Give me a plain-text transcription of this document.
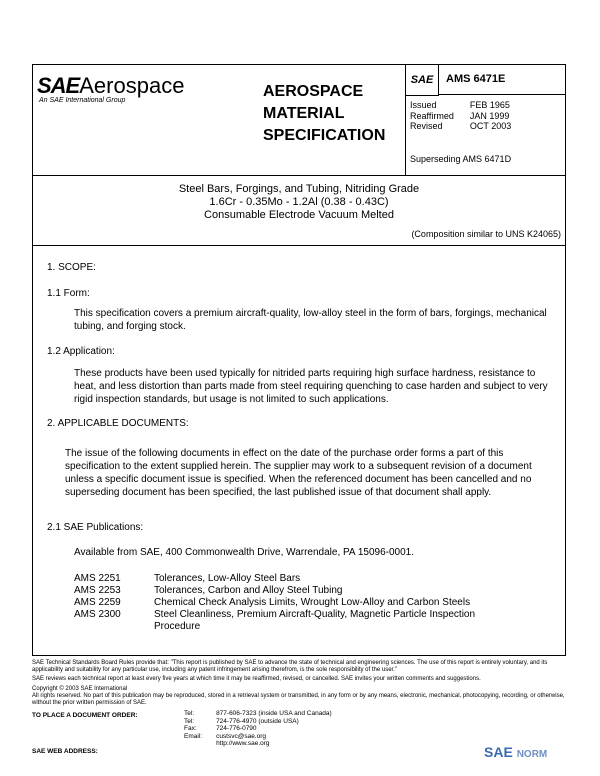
SAEAerospace
An SAE International Group
AEROSPACE
MATERIAL
SPECIFICATION
SAE	AMS 6471E
Issued	FEB 1965
Reaffirmed	JAN 1999
Revised	OCT 2003
Superseding AMS 6471D
Steel Bars, Forgings, and Tubing, Nitriding Grade
1.6Cr - 0.35Mo - 1.2Al (0.38 - 0.43C)
Consumable Electrode Vacuum Melted
(Composition similar to UNS K24065)
1. SCOPE:
1.1 Form:
This specification covers a premium aircraft-quality, low-alloy steel in the form of bars, forgings, mechanical tubing, and forging stock.
1.2 Application:
These products have been used typically for nitrided parts requiring high surface hardness, resistance to heat, and less distortion than parts made from steel requiring quenching to case harden and subject to very rigid inspection standards, but usage is not limited to such applications.
2. APPLICABLE DOCUMENTS:
The issue of the following documents in effect on the date of the purchase order forms a part of this specification to the extent supplied herein. The supplier may work to a subsequent revision of a document unless a specific document issue is specified. When the referenced document has been cancelled and no superseding document has been specified, the last published issue of that document shall apply.
2.1 SAE Publications:
Available from SAE, 400 Commonwealth Drive, Warrendale, PA 15096-0001.
AMS 2251	Tolerances, Low-Alloy Steel Bars
AMS 2253	Tolerances, Carbon and Alloy Steel Tubing
AMS 2259	Chemical Check Analysis Limits, Wrought Low-Alloy and Carbon Steels
AMS 2300	Steel Cleanliness, Premium Aircraft-Quality, Magnetic Particle Inspection Procedure
SAE Technical Standards Board Rules provide that: "This report is published by SAE to advance the state of technical and engineering sciences. The use of this report is entirely voluntary, and its applicability and suitability for any particular use, including any patent infringement arising therefrom, is the sole responsibility of the user."
SAE reviews each technical report at least every five years at which time it may be reaffirmed, revised, or cancelled. SAE invites your written comments and suggestions.
Copyright © 2003 SAE International
All rights reserved. No part of this publication may be reproduced, stored in a retrieval system or transmitted, in any form or by any means, electronic, mechanical, photocopying, recording, or otherwise, without the prior written permission of SAE.
TO PLACE A DOCUMENT ORDER:	Tel:	877-606-7323 (inside USA and Canada)
Tel:	724-776-4970 (outside USA)
Fax:	724-776-0790
Email:	custsvc@sae.org
	http://www.sae.org
SAE WEB ADDRESS:	SAE NORM
